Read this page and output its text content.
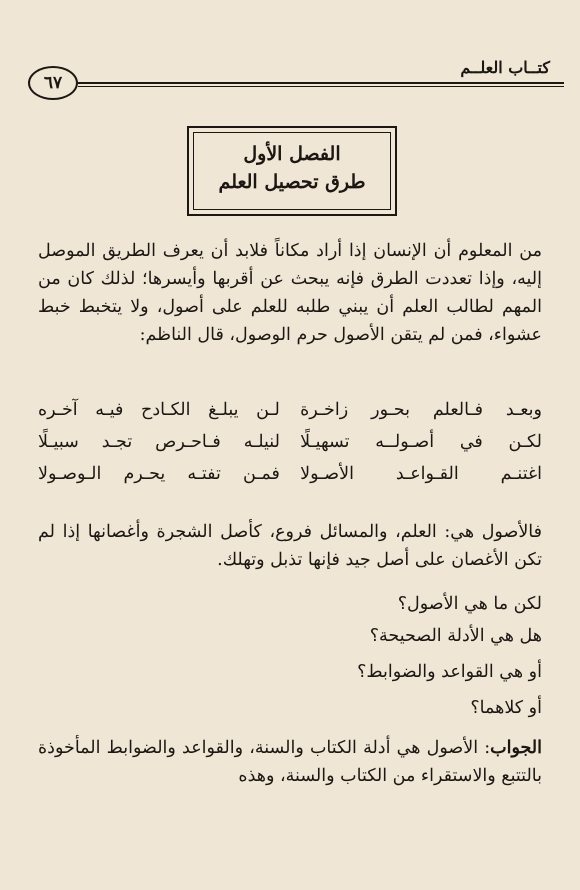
٦٧
كتــاب العلــم
الفصل الأول
طرق تحصيل العلم
من المعلوم أن الإنسان إذا أراد مكاناً فلابد أن يعرف الطريق الموصل إليه، وإذا تعددت الطرق فإنه يبحث عن أقربها وأيسرها؛ لذلك كان من المهم لطالب العلم أن يبني طلبه للعلم على أصول، ولا يتخبط خبط عشواء، فمن لم يتقن الأصول حرم الوصول، قال الناظم:
وبعـد فـالعلم بحـور زاخـرة
لـن يبلـغ الكـادح فيـه آخـره
لكـن في أصـولــه تسهيـلًا
لنيلـه فـاحـرص تجـد سبيـلًا
اغتنـم القـواعـد الأصـولا
فمـن تفتـه يحـرم الـوصـولا
فالأصول هي: العلم، والمسائل فروع، كأصل الشجرة وأغصانها إذا لم تكن الأغصان على أصل جيد فإنها تذبل وتهلك.
لكن ما هي الأصول؟
هل هي الأدلة الصحيحة؟
أو هي القواعد والضوابط؟
أو كلاهما؟
الجواب: الأصول هي أدلة الكتاب والسنة، والقواعد والضوابط المأخوذة بالتتبع والاستقراء من الكتاب والسنة، وهذه
